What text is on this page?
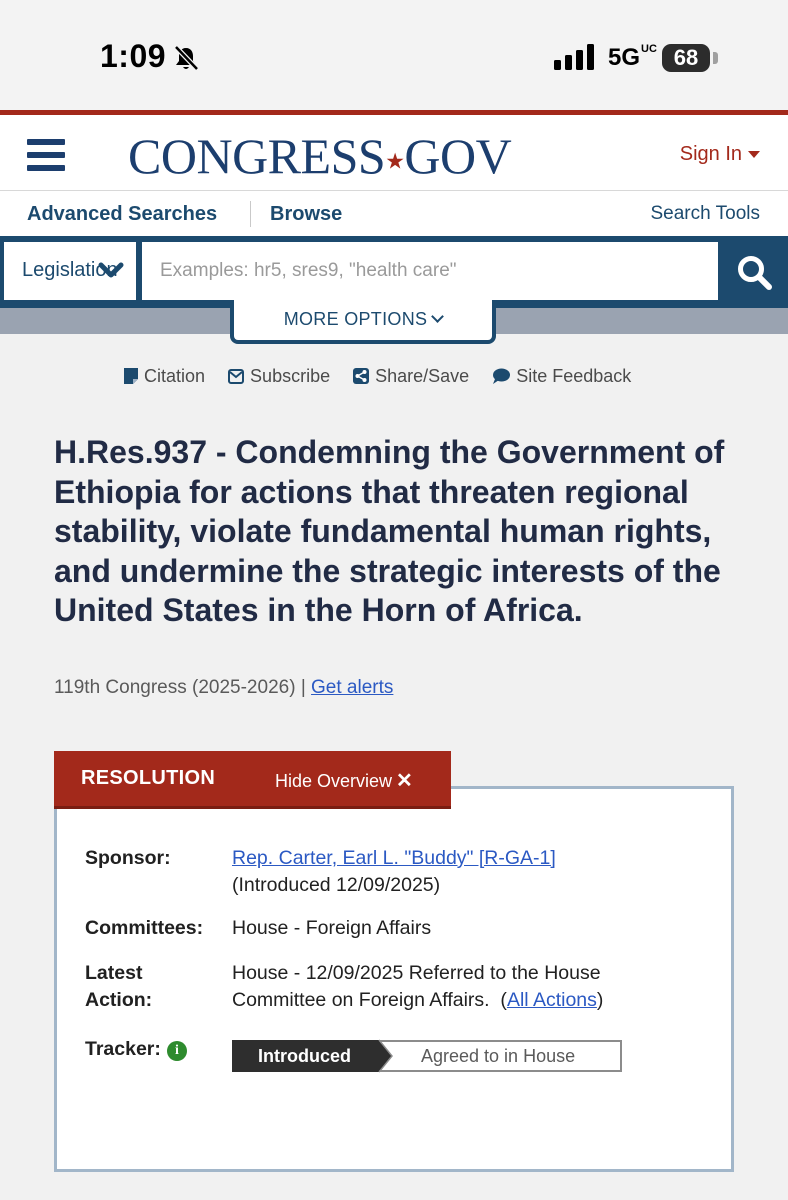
1:09	5GUC 68
CONGRESS★GOV	Sign In
Advanced Searches	Browse	Search Tools
Legislation
Examples: hr5, sres9, "health care"
MORE OPTIONS
Citation	Subscribe	Share/Save	Site Feedback
H.Res.937 - Condemning the Government of Ethiopia for actions that threaten regional stability, violate fundamental human rights, and undermine the strategic interests of the United States in the Horn of Africa.
119th Congress (2025-2026) | Get alerts
RESOLUTION	Hide Overview ✕
Sponsor:	Rep. Carter, Earl L. "Buddy" [R-GA-1]
(Introduced 12/09/2025)
Committees: House - Foreign Affairs
Latest
Action:
House - 12/09/2025 Referred to the House Committee on Foreign Affairs.  (All Actions)
Tracker: i	Introduced	Agreed to in House
